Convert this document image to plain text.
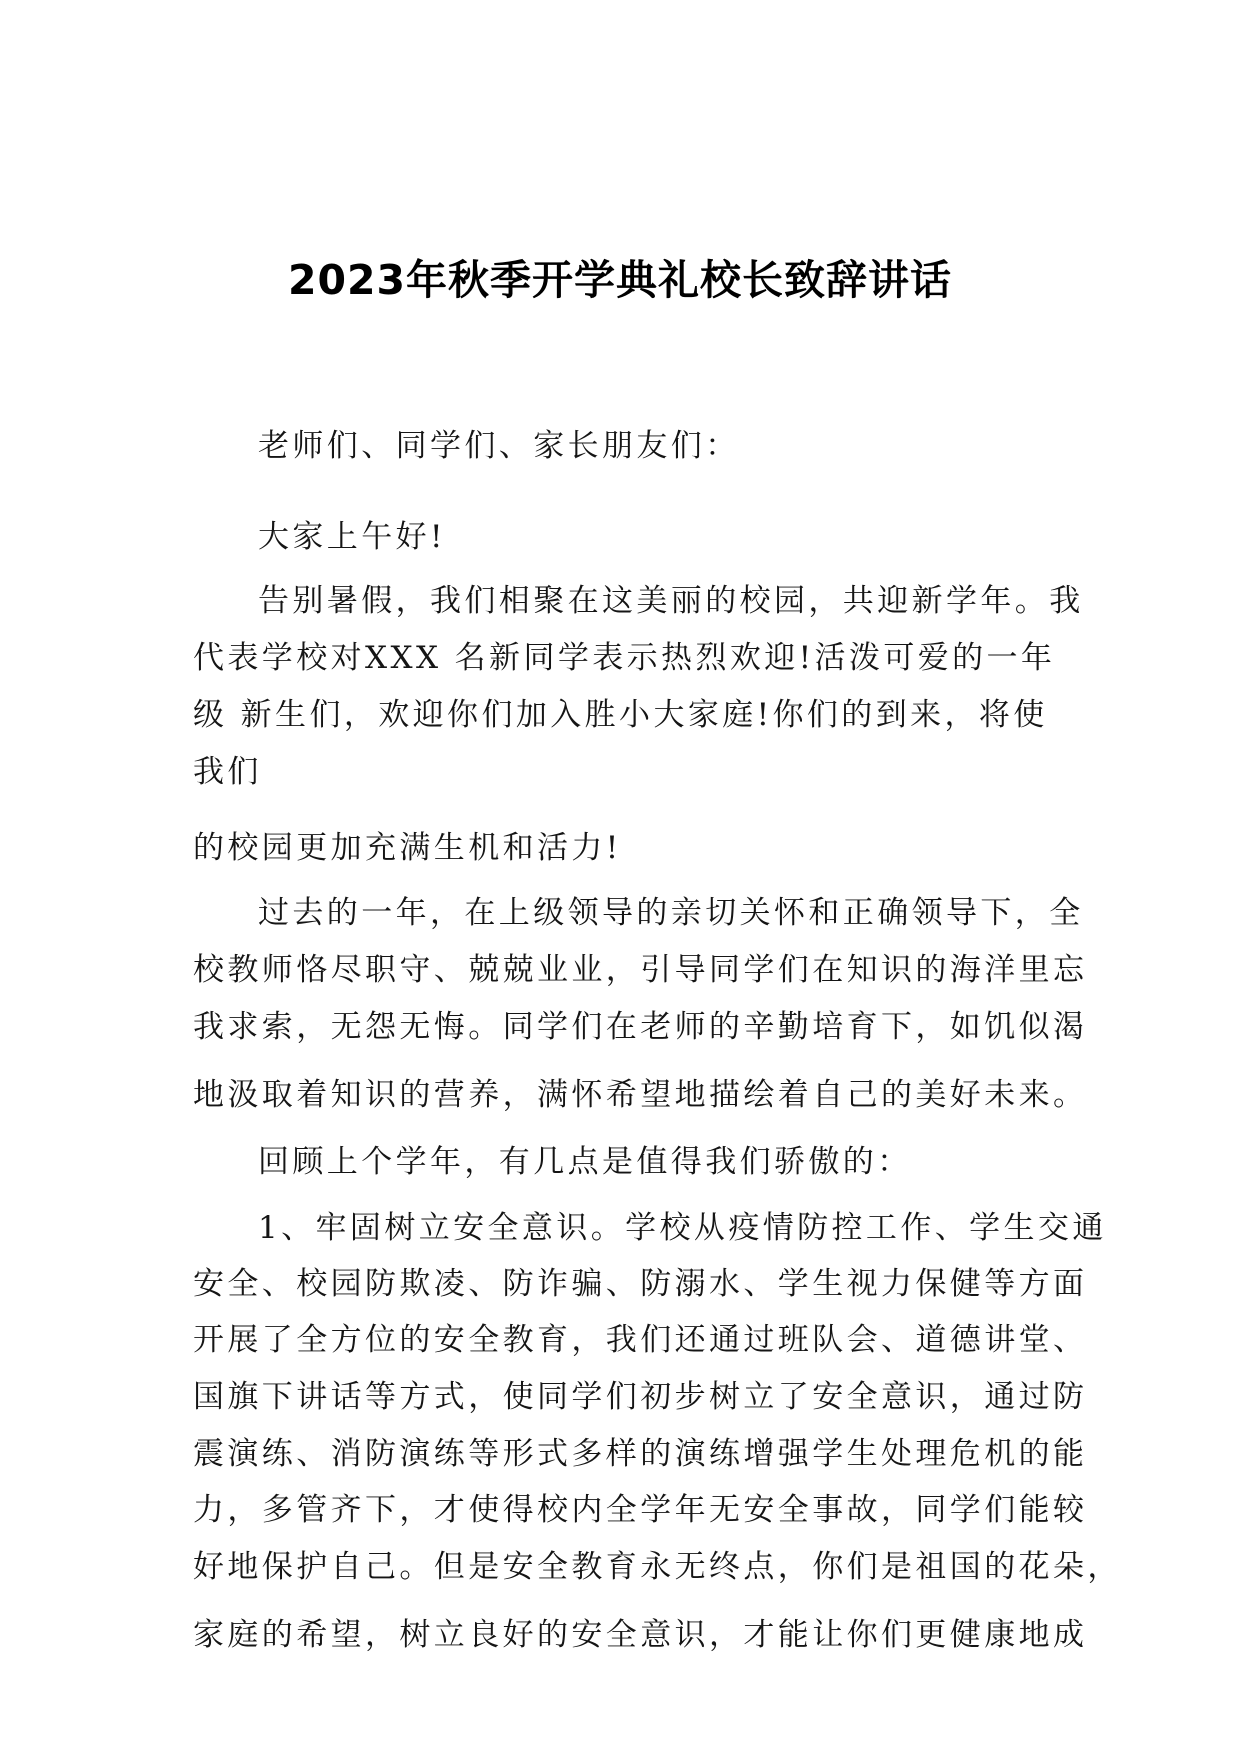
2023年秋季开学典礼校长致辞讲话
老师们、同学们、家长朋友们：
大家上午好!
告别暑假，我们相聚在这美丽的校园，共迎新学年。我
代表学校对XXX 名新同学表示热烈欢迎!活泼可爱的一年
级 新生们，欢迎你们加入胜小大家庭!你们的到来，将使
我们
的校园更加充满生机和活力!
过去的一年，在上级领导的亲切关怀和正确领导下，全
校教师恪尽职守、兢兢业业，引导同学们在知识的海洋里忘
我求索，无怨无悔。同学们在老师的辛勤培育下，如饥似渴
地汲取着知识的营养，满怀希望地描绘着自己的美好未来。
回顾上个学年，有几点是值得我们骄傲的：
1、牢固树立安全意识。学校从疫情防控工作、学生交通
安全、校园防欺凌、防诈骗、防溺水、学生视力保健等方面
开展了全方位的安全教育，我们还通过班队会、道德讲堂、
国旗下讲话等方式，使同学们初步树立了安全意识，通过防
震演练、消防演练等形式多样的演练增强学生处理危机的能
力，多管齐下，才使得校内全学年无安全事故，同学们能较
好地保护自己。但是安全教育永无终点，你们是祖国的花朵，
家庭的希望，树立良好的安全意识，才能让你们更健康地成
